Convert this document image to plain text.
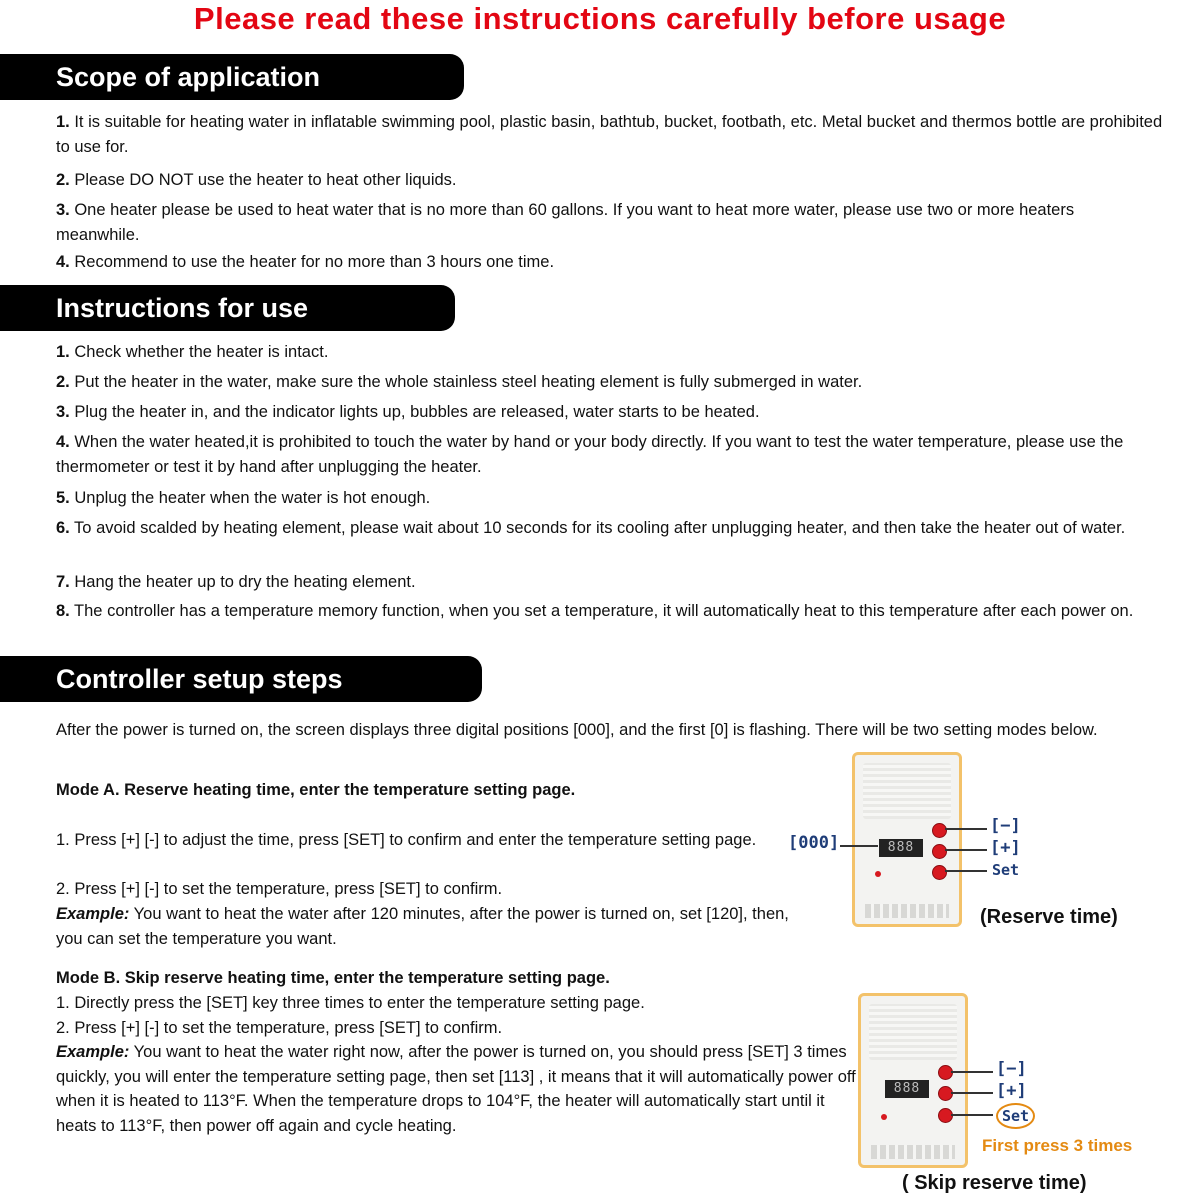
Please read these instructions carefully before usage
Scope of application

1. It is suitable for heating water in inflatable swimming pool, plastic basin, bathtub, bucket, footbath, etc. Metal bucket and thermos bottle are prohibited to use for.

2. Please DO NOT use the heater to heat other liquids.

3. One heater please be used to heat water that is no more than 60 gallons. If you want to heat more water, please use two or more heaters meanwhile.

4. Recommend to use the heater for no more than 3 hours one time.

Instructions for use

1. Check whether the heater is intact.

2. Put the heater in the water, make sure the whole stainless steel heating element is fully submerged in water.

3. Plug the heater in, and the indicator lights up, bubbles are released, water starts to be heated.

4. When the water heated,it is prohibited to touch the water by hand or your body directly. If you want to test the water temperature, please use the thermometer or test it by hand after unplugging the heater.

5. Unplug the heater when the water is hot enough.

6. To avoid scalded by heating element, please wait about 10 seconds for its cooling after unplugging heater, and then take the heater out of water.

7. Hang the heater up to dry the heating element.

8. The controller has a temperature memory function, when you set a temperature, it will automatically heat to this temperature after each power on.

Controller setup steps

After the power is turned on, the screen displays three digital positions [000], and the first [0] is flashing. There will be two setting modes below.

Mode A. Reserve heating time, enter the temperature setting page.

1. Press [+] [-] to adjust the time, press [SET] to confirm and enter the temperature setting page.

2. Press [+] [-] to set the temperature, press [SET] to confirm.

Example: You want to heat the water after 120 minutes, after the power is turned on, set [120], then, you can set the temperature you want.

Mode B. Skip reserve heating time, enter the temperature setting page.

1. Directly press the [SET] key three times to enter the temperature setting page.

2. Press [+] [-] to set the temperature, press [SET] to confirm.

Example: You want to heat the water right now, after the power is turned on, you should press [SET] 3 times quickly, you will enter the temperature setting page, then set [113] , it means that it will automatically power off when it is heated to 113°F. When the temperature drops to 104°F, the heater will automatically start until it heats to 113°F, then power off again and cycle heating.

888
[000]
[−]
[+]
Set
(Reserve time)
888
[−]
[+]
Set
First press 3 times
( Skip reserve time)
